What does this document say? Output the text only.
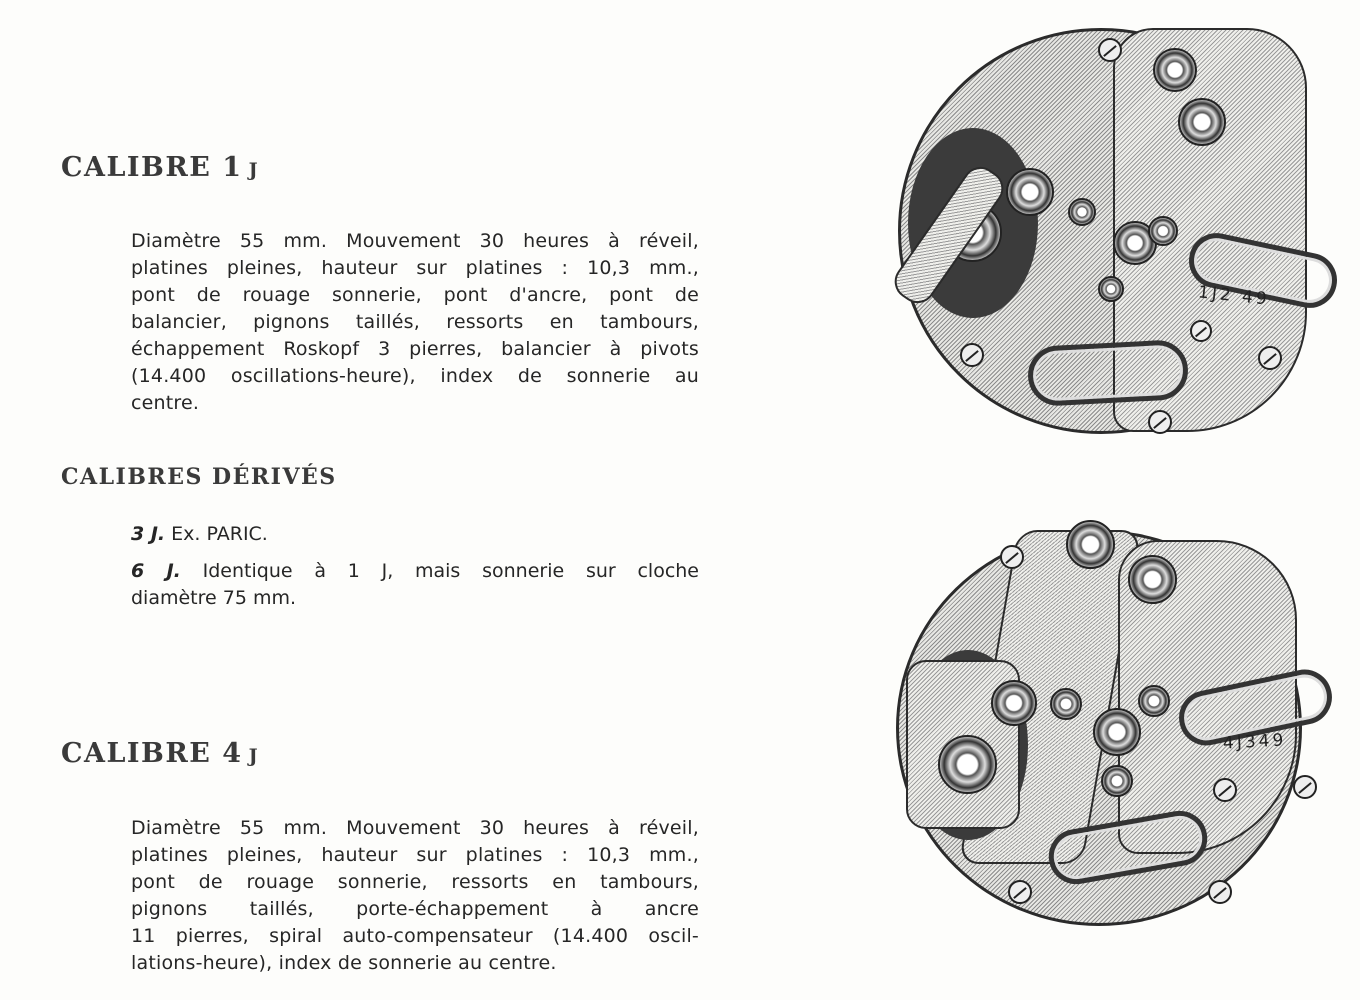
CALIBRE 1 J
Diamètre 55 mm. Mouvement 30 heures à réveil,
platines pleines, hauteur sur platines : 10,3 mm.,
pont de rouage sonnerie, pont d'ancre, pont de
balancier, pignons taillés, ressorts en tambours,
échappement Roskopf 3 pierres, balancier à pivots
(14.400 oscillations-heure), index de sonnerie au
centre.
CALIBRES DÉRIVÉS
3 J. Ex. PARIC.
6 J. Identique à 1 J, mais sonnerie sur cloche
diamètre 75 mm.
CALIBRE 4 J
Diamètre 55 mm. Mouvement 30 heures à réveil,
platines pleines, hauteur sur platines : 10,3 mm.,
pont de rouage sonnerie, ressorts en tambours,
pignons taillés, porte-échappement à ancre
11 pierres, spiral auto-compensateur (14.400 oscil-
lations-heure), index de sonnerie au centre.
1J2 49
4J349
